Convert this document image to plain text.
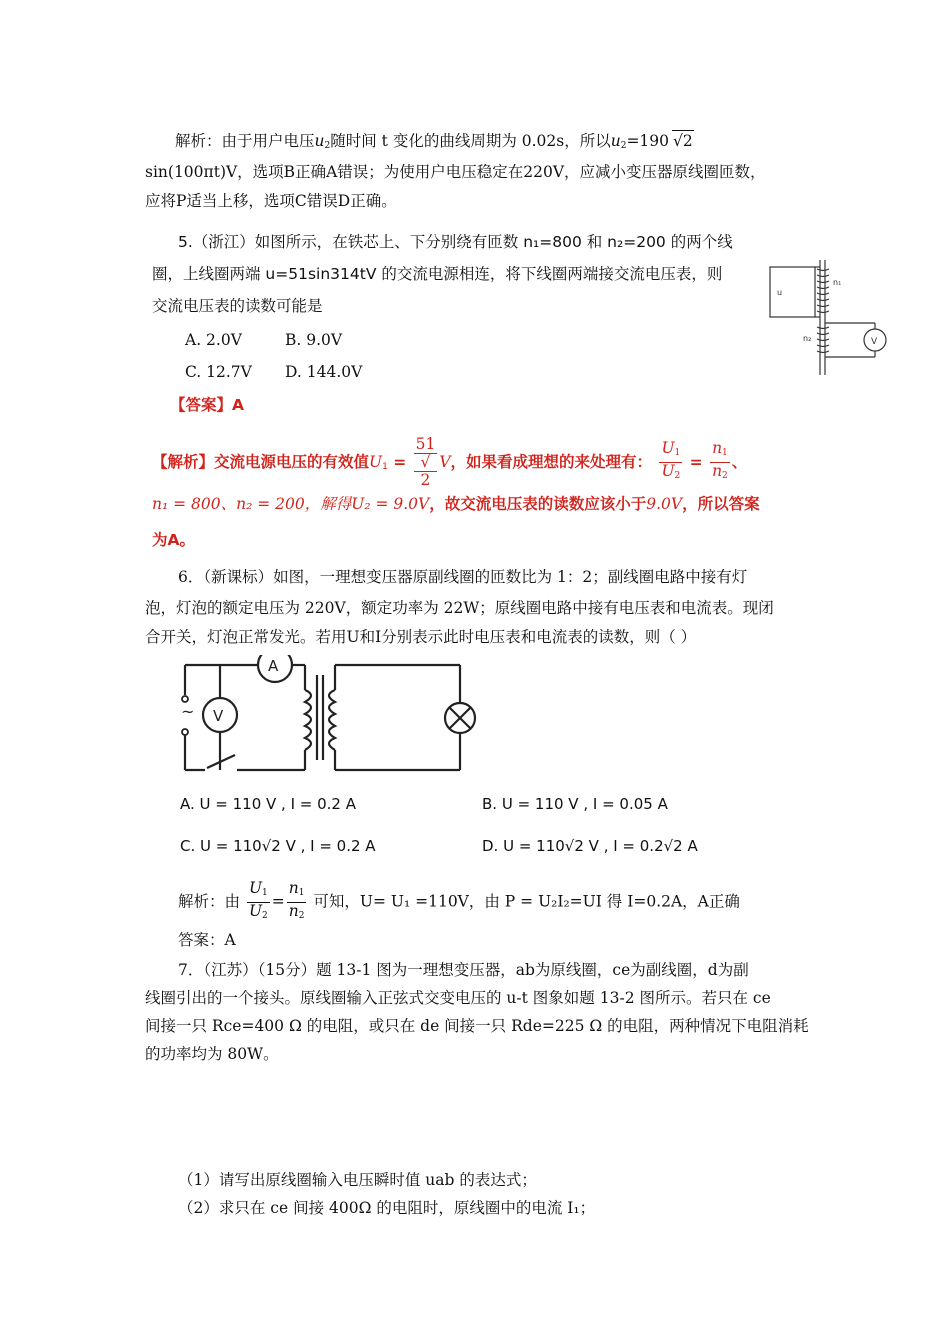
解析：由于用户电压$u_2$随时间 t 变化的曲线周期为 0.02s，所以$u_2=190$ √2
sin(100πt)V，选项B正确A错误；为使用户电压稳定在220V，应减小变压器原线圈匝数，
应将P适当上移，选项C错误D正确。
5.（浙江）如图所示，在铁芯上、下分别绕有匝数 n₁=800 和 n₂=200 的两个线
圈，上线圈两端 u=51sin314tV 的交流电源相连，将下线圈两端接交流电压表，则
交流电压表的读数可能是
A. 2.0V	B. 9.0V
C. 12.7V D. 144.0V
【答案】A
u
n₁
n₂	V
【解析】交流电源电压的有效值$U_1 = 51$
√
2 V，如果看成理想的来处理有： $\frac{U_1}{U_2} = \frac{n_1}{n_2}$ 、
n₁ = 800、n₂ = 200，解得U₂ = 9.0V，故交流电压表的读数应该小于9.0V，所以答案
为A。
6．（新课标）如图，一理想变压器原副线圈的匝数比为 1：2；副线圈电路中接有灯
泡，灯泡的额定电压为 220V，额定功率为 22W；原线圈电路中接有电压表和电流表。现闭
合开关，灯泡正常发光。若用U和I分别表示此时电压表和电流表的读数，则（ ）
~
A
V
A. U = 110 V , I = 0.2 A	B. U = 110 V , I = 0.05 A
C. U = 110√2 V , I = 0.2 A	D. U = 110√2 V , I = 0.2√2 A
解析：由 $\frac{U_1}{U_2} = \frac{n_1}{n_2}$ 可知，U= U₁ =110V，由 P = U₂I₂=UI 得 I=0.2A，A正确
答案：A
7．（江苏）（15分）题 13-1 图为一理想变压器，ab为原线圈，ce为副线圈，d为副
线圈引出的一个接头。原线圈输入正弦式交变电压的 u-t 图象如题 13-2 图所示。若只在 ce
间接一只 Rce=400 Ω 的电阻，或只在 de 间接一只 Rde=225 Ω 的电阻，两种情况下电阻消耗
的功率均为 80W。
（1）请写出原线圈输入电压瞬时值 uab 的表达式；
（2）求只在 ce 间接 400Ω 的电阻时，原线圈中的电流 I₁；
